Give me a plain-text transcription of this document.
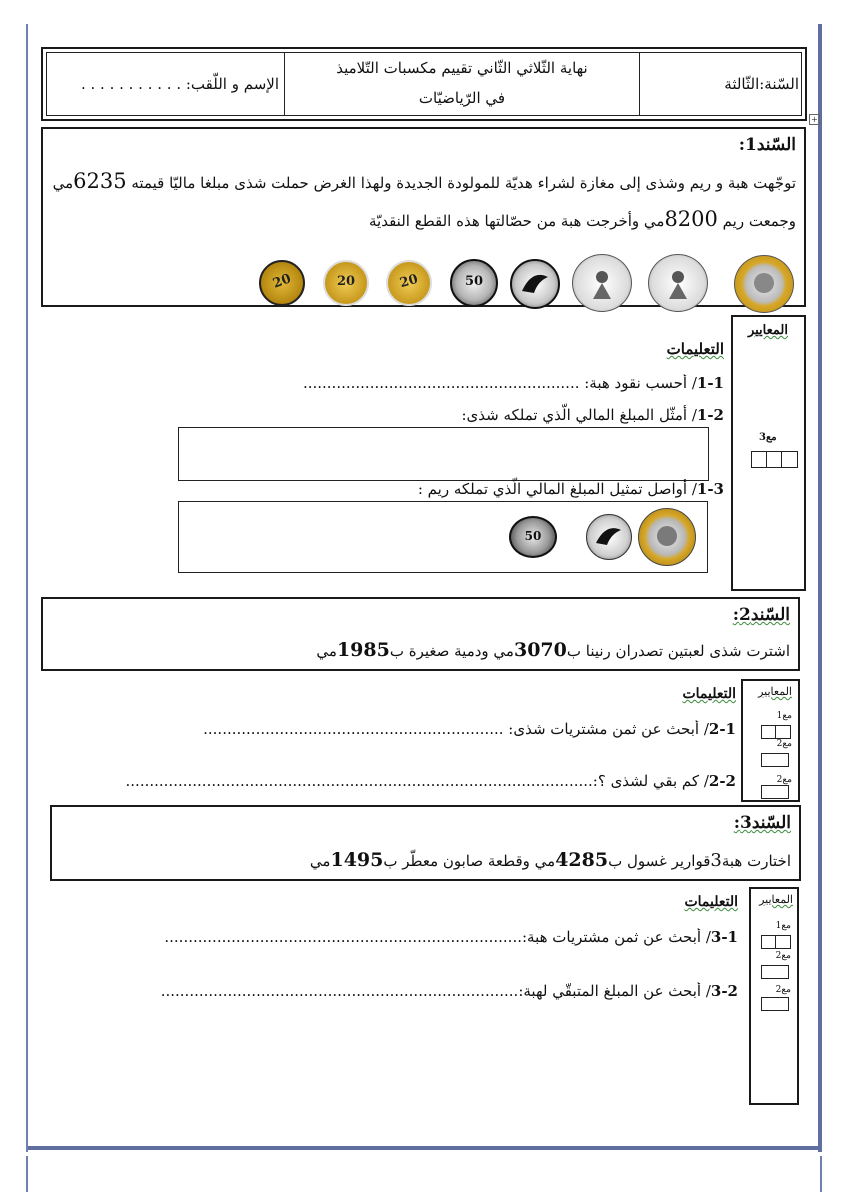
السّنة:الثّالثة
نهاية الثّلاثي الثّاني تقييم مكسبات التّلاميذ
في الرّياضيّات
الإسم و اللّقب: . . . . . . . . . . .
+
السّند1:
توجّهت هبة و ريم وشذى إلى مغازة لشراء هديّة للمولودة الجديدة ولهذا الغرض حملت شذى مبلغا ماليّا قيمته 6235مي
وجمعت ريم 8200مي وأخرجت هبة من حصّالتها هذه القطع النقديّة
20	20	20	50
التعليمات
1-1/ أحسب نقود هبة: ..........................................................
1-2/ أمثّل المبلغ المالي الّذي تملكه شذى:
1-3/ أواصل تمثيل المبلغ المالي الّذي تملكه ريم :
50
المعايير
مع3
السّند2:
اشترت شذى لعبتين تصدران رنينا ب3070مي ودمية صغيرة ب1985مي
التعليمات
2-1/ أبحث عن ثمن مشتريات شذى: ...............................................................
2-2/ كم بقي لشذى ؟:..................................................................................................
المعايير
مع1
مع2
مع2
السّند3:
اختارت هبة3قوارير غسول ب4285مي وقطعة صابون معطّر ب1495مي
التعليمات
3-1/ أبحث عن ثمن مشتريات هبة:...........................................................................
3-2/ أبحث عن المبلغ المتبقّي لهبة:...........................................................................
المعايير
مع1
مع2
مع2
